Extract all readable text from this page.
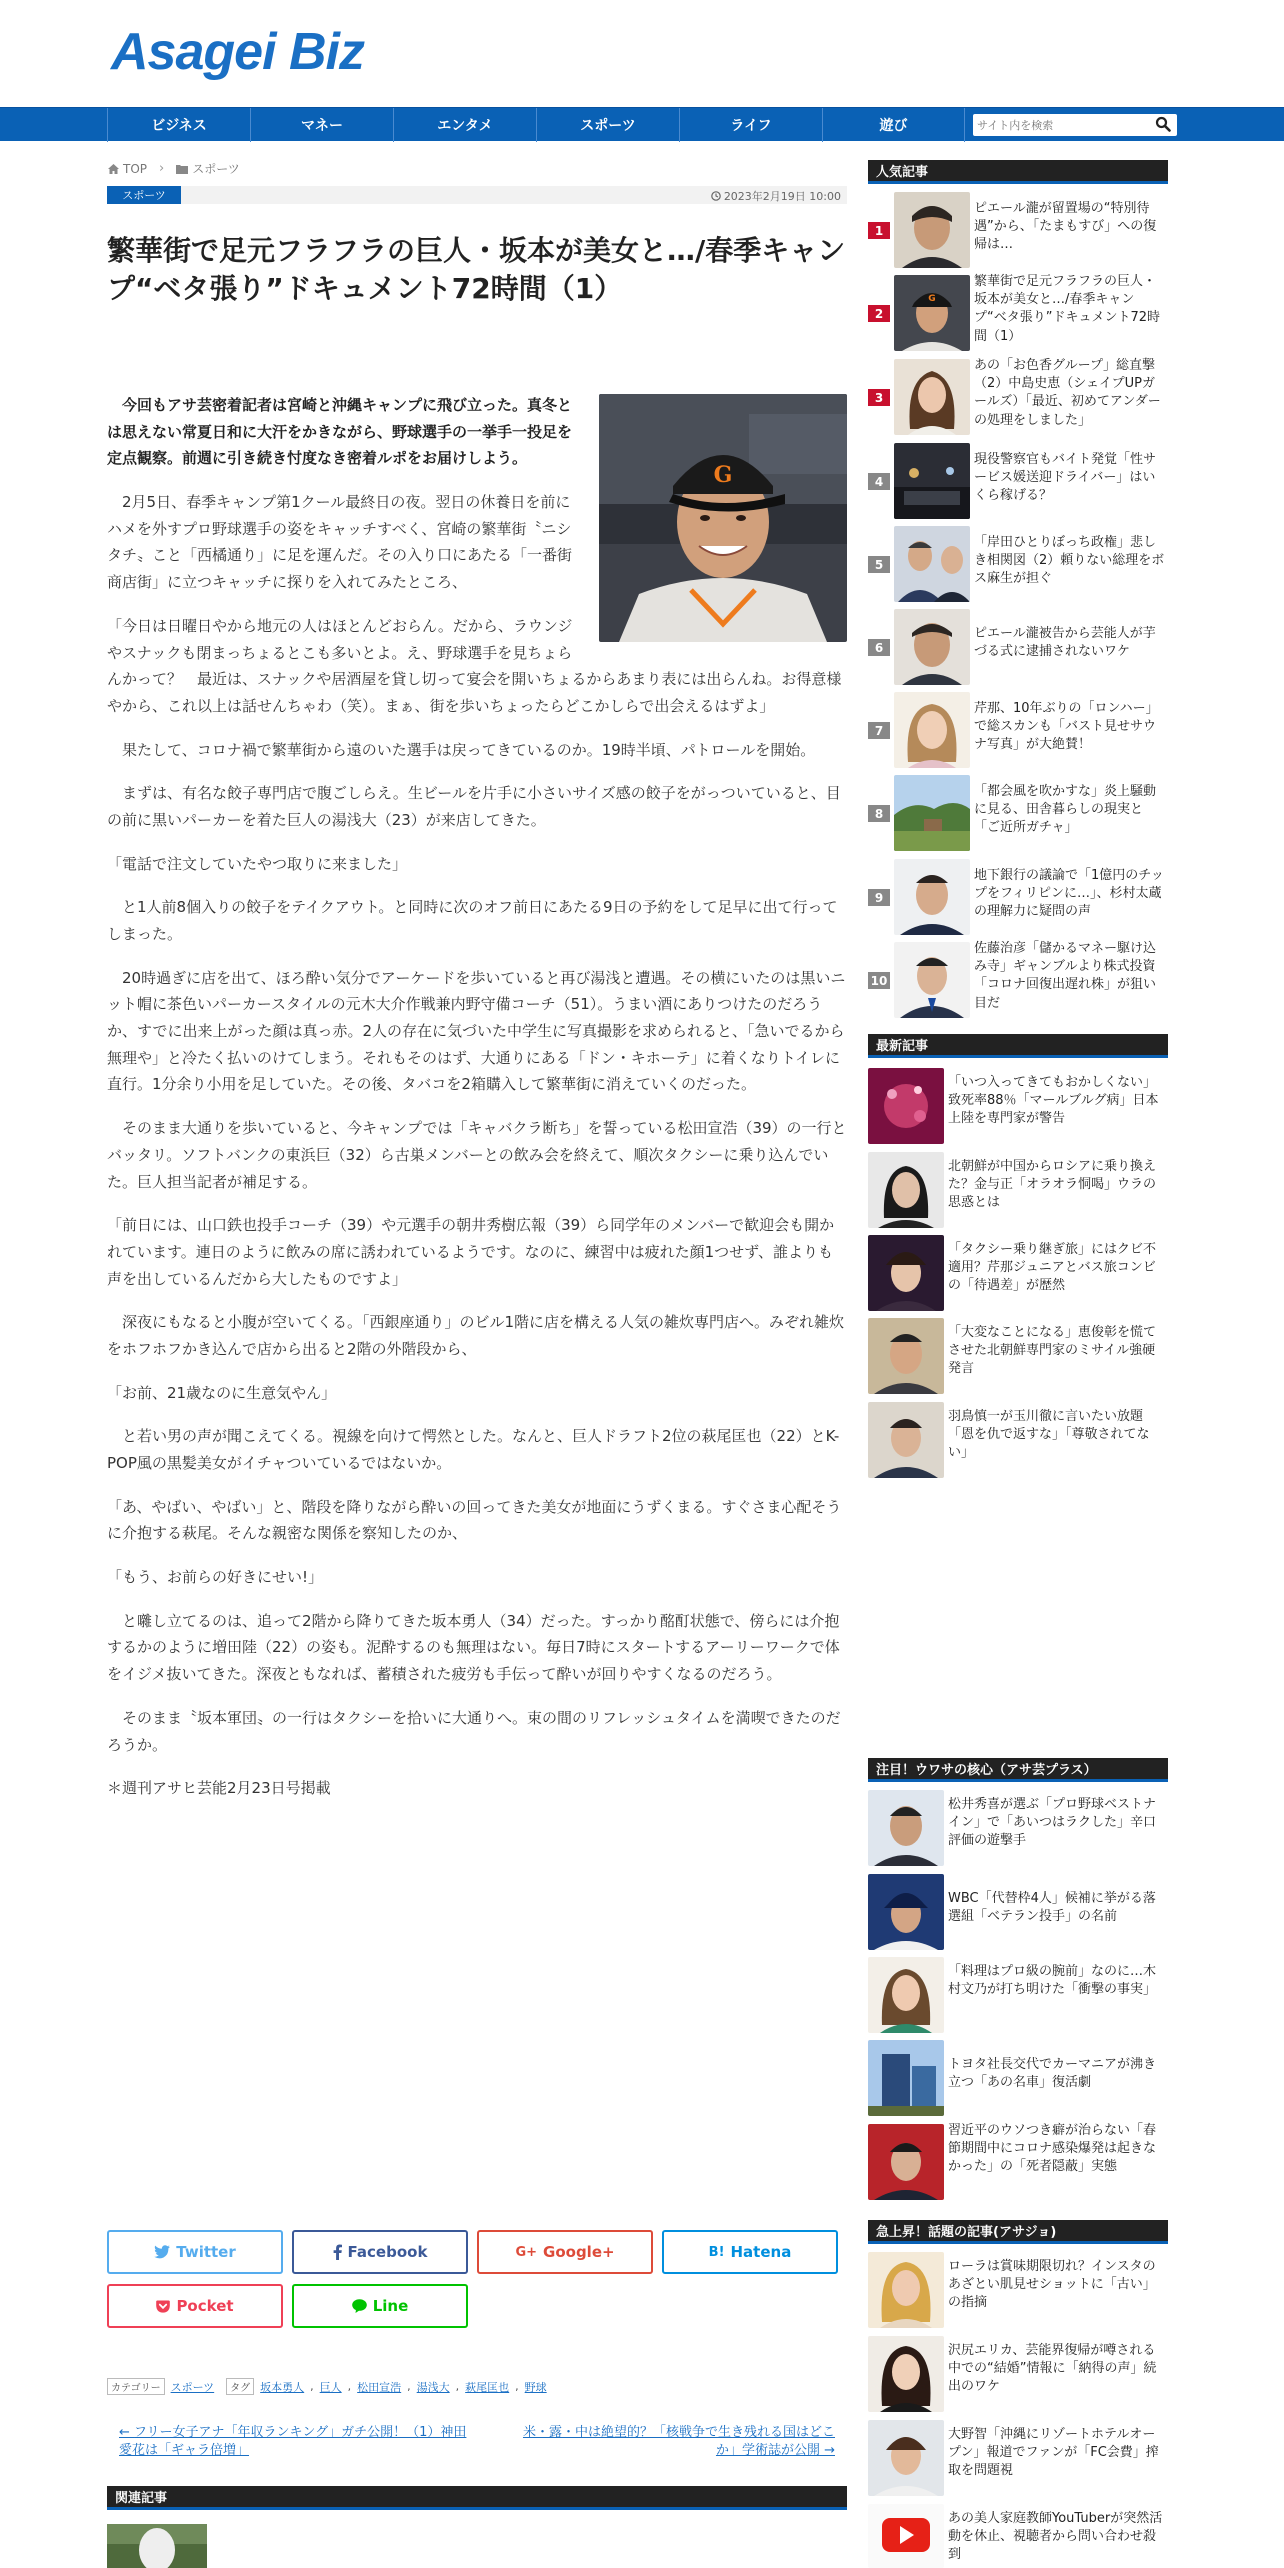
Asagei Biz
ビジネス	マネー	エンタメ	スポーツ	ライフ	遊び
サイト内を検索
TOP › スポーツ
スポーツ	2023年2月19日 10:00
繁華街で足元フラフラの巨人・坂本が美女と…/春季キャンプ“ベタ張り”ドキュメント72時間（1）
G

今回もアサ芸密着記者は宮崎と沖縄キャンプに飛び立った。真冬とは思えない常夏日和に大汗をかきながら、野球選手の一挙手一投足を定点観察。前週に引き続き忖度なき密着ルポをお届けしよう。

2月5日、春季キャンプ第1クール最終日の夜。翌日の休養日を前にハメを外すプロ野球選手の姿をキャッチすべく、宮崎の繁華街〝ニシタチ〟こと「西橘通り」に足を運んだ。その入り口にあたる「一番街商店街」に立つキャッチに探りを入れてみたところ、

「今日は日曜日やから地元の人はほとんどおらん。だから、ラウンジやスナックも閉まっちょるとこも多いとよ。え、野球選手を見ちょらんかって？　最近は、スナックや居酒屋を貸し切って宴会を開いちょるからあまり表には出らんね。お得意様やから、これ以上は話せんちゃわ（笑）。まぁ、街を歩いちょったらどこかしらで出会えるはずよ」

果たして、コロナ禍で繁華街から遠のいた選手は戻ってきているのか。19時半頃、パトロールを開始。

まずは、有名な餃子専門店で腹ごしらえ。生ビールを片手に小さいサイズ感の餃子をがっついていると、目の前に黒いパーカーを着た巨人の湯浅大（23）が来店してきた。

「電話で注文していたやつ取りに来ました」

と1人前8個入りの餃子をテイクアウト。と同時に次のオフ前日にあたる9日の予約をして足早に出て行ってしまった。

20時過ぎに店を出て、ほろ酔い気分でアーケードを歩いていると再び湯浅と遭遇。その横にいたのは黒いニット帽に茶色いパーカースタイルの元木大介作戦兼内野守備コーチ（51）。うまい酒にありつけたのだろうか、すでに出来上がった顔は真っ赤。2人の存在に気づいた中学生に写真撮影を求められると、「急いでるから無理や」と冷たく払いのけてしまう。それもそのはず、大通りにある「ドン・キホーテ」に着くなりトイレに直行。1分余り小用を足していた。その後、タバコを2箱購入して繁華街に消えていくのだった。

そのまま大通りを歩いていると、今キャンプでは「キャバクラ断ち」を誓っている松田宣浩（39）の一行とバッタリ。ソフトバンクの東浜巨（32）ら古巣メンバーとの飲み会を終えて、順次タクシーに乗り込んでいた。巨人担当記者が補足する。

「前日には、山口鉄也投手コーチ（39）や元選手の朝井秀樹広報（39）ら同学年のメンバーで歓迎会も開かれています。連日のように飲みの席に誘われているようです。なのに、練習中は疲れた顔1つせず、誰よりも声を出しているんだから大したものですよ」

深夜にもなると小腹が空いてくる。「西銀座通り」のビル1階に店を構える人気の雑炊専門店へ。みぞれ雑炊をホフホフかき込んで店から出ると2階の外階段から、

「お前、21歳なのに生意気やん」

と若い男の声が聞こえてくる。視線を向けて愕然とした。なんと、巨人ドラフト2位の萩尾匡也（22）とK-POP風の黒髪美女がイチャついているではないか。

「あ、やばい、やばい」と、階段を降りながら酔いの回ってきた美女が地面にうずくまる。すぐさま心配そうに介抱する萩尾。そんな親密な関係を察知したのか、

「もう、お前らの好きにせい!」

と囃し立てるのは、追って2階から降りてきた坂本勇人（34）だった。すっかり酩酊状態で、傍らには介抱するかのように増田陸（22）の姿も。泥酔するのも無理はない。毎日7時にスタートするアーリーワークで体をイジメ抜いてきた。深夜ともなれば、蓄積された疲労も手伝って酔いが回りやすくなるのだろう。

そのまま〝坂本軍団〟の一行はタクシーを拾いに大通りへ。束の間のリフレッシュタイムを満喫できたのだろうか。

＊週刊アサヒ芸能2月23日号掲載

Twitter	Facebook	G+ Google+	B! Hatena
Pocket	Line
カテゴリー スポーツ	タグ 坂本勇人 , 巨人 , 松田宣浩 , 湯浅大 , 萩尾匡也 , 野球
← フリー女子アナ「年収ランキング」ガチ公開！（1）神田愛花は「ギャラ倍増」
米・露・中は絶望的？「核戦争で生き残れる国はどこか」学術誌が公開 →
関連記事
人気記事
1
ピエール瀧が留置場の“特別待遇”から、「たまもすび」への復帰は…
2
G
繁華街で足元フラフラの巨人・坂本が美女と…/春季キャンプ“ベタ張り”ドキュメント72時間（1）
3
あの「お色香グループ」総直撃（2）中島史恵（シェイプUPガールズ）「最近、初めてアンダーの処理をしました」
4
現役警察官もバイト発覚「性サービス媛送迎ドライバー」はいくら稼げる？
5
「岸田ひとりぼっち政権」悲しき相関図（2）頼りない総理をボス麻生が担ぐ
6
ピエール瀧被告から芸能人が芋づる式に逮捕されないワケ
7
芹那、10年ぶりの「ロンハー」で総スカンも「バスト見せサウナ写真」が大絶賛！
8
「都会風を吹かすな」炎上騒動に見る、田舎暮らしの現実と「ご近所ガチャ」
9
地下銀行の議論で「1億円のチップをフィリピンに…」、杉村太蔵の理解力に疑問の声
10
佐藤治彦「儲かるマネー駆け込み寺」ギャンブルより株式投資「コロナ回復出遅れ株」が狙い目だ
最新記事
「いつ入ってきてもおかしくない」致死率88％「マールブルグ病」日本上陸を専門家が警告
北朝鮮が中国からロシアに乗り換えた？金与正「オラオラ恫喝」ウラの思惑とは
「タクシー乗り継ぎ旅」にはクビ不適用？芹那ジュニアとバス旅コンビの「待遇差」が歴然
「大変なことになる」恵俊彰を慌てさせた北朝鮮専門家のミサイル強硬発言
羽鳥慎一が玉川徹に言いたい放題「恩を仇で返すな」「尊敬されてない」
注目！ウワサの核心（アサ芸プラス）
松井秀喜が選ぶ「プロ野球ベストナイン」で「あいつはラクした」辛口評価の遊撃手
WBC「代替枠4人」候補に挙がる落選組「ベテラン投手」の名前
「料理はプロ級の腕前」なのに…木村文乃が打ち明けた「衝撃の事実」
トヨタ社長交代でカーマニアが沸き立つ「あの名車」復活劇
習近平のウソつき癖が治らない「春節期間中にコロナ感染爆発は起きなかった」の「死者隠蔽」実態
急上昇！話題の記事(アサジョ)
ローラは賞味期限切れ？インスタのあざとい肌見せショットに「古い」の指摘
沢尻エリカ、芸能界復帰が噂される中での“結婚”情報に「納得の声」続出のワケ
大野智「沖縄にリゾートホテルオープン」報道でファンが「FC会費」搾取を問題視
あの美人家庭教師YouTuberが突然活動を休止、視聴者から問い合わせ殺到
